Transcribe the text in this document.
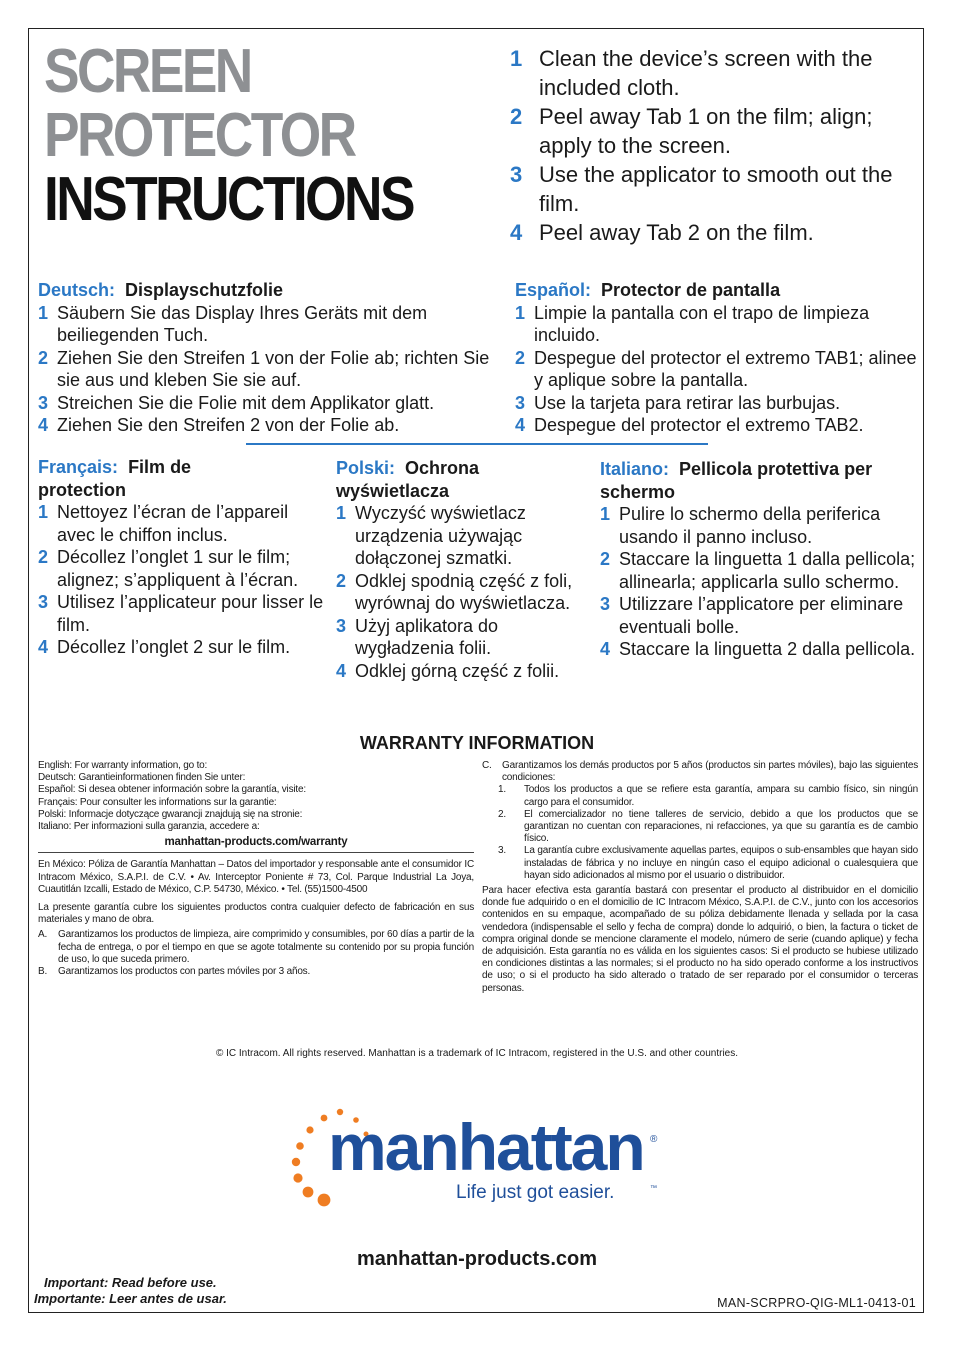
SCREEN
PROTECTOR
INSTRUCTIONS
1 Clean the device’s screen with the included cloth.
2 Peel away Tab 1 on the film; align; apply to the screen.
3 Use the applicator to smooth out the film.
4 Peel away Tab 2 on the film.
Deutsch: Displayschutzfolie
1 Säubern Sie das Display Ihres Geräts mit dem beiliegenden Tuch.
2 Ziehen Sie den Streifen 1 von der Folie ab; richten Sie sie aus und kleben Sie sie auf.
3 Streichen Sie die Folie mit dem Applikator glatt.
4 Ziehen Sie den Streifen 2 von der Folie ab.
Español: Protector de pantalla
1 Limpie la pantalla con el trapo de limpieza incluido.
2 Despegue del protector el extremo TAB1; alinee y aplique sobre la pantalla.
3 Use la tarjeta para retirar las burbujas.
4 Despegue del protector el extremo TAB2.
Français: Film de protection
1 Nettoyez l’écran de l’appareil avec le chiffon inclus.
2 Décollez l’onglet 1 sur le film; alignez; s’appliquent à l’écran.
3 Utilisez l’applicateur pour lisser le film.
4 Décollez l’onglet 2 sur le film.
Polski: Ochrona wyświetlacza
1 Wyczyść wyświetlacz urządzenia używając dołączonej szmatki.
2 Odklej spodnią część z foli, wyrównaj do wyświetlacza.
3 Użyj aplikatora do wygładzenia folii.
4 Odklej górną część z folii.
Italiano: Pellicola protettiva per schermo
1 Pulire lo schermo della periferica usando il panno incluso.
2 Staccare la linguetta 1 dalla pellicola; allinearla; applicarla sullo schermo.
3 Utilizzare l’applicatore per eliminare eventuali bolle.
4 Staccare la linguetta 2 dalla pellicola.
WARRANTY INFORMATION
English: For warranty information, go to:
Deutsch: Garantieinformationen finden Sie unter:
Español: Si desea obtener información sobre la garantía, visite:
Français: Pour consulter les informations sur la garantie:
Polski: Informacje dotyczące gwarancji znajdują się na stronie:
Italiano: Per informazioni sulla garanzia, accedere a:
manhattan-products.com/warranty
En México: Póliza de Garantía Manhattan – Datos del importador y responsable ante el consumidor IC Intracom México, S.A.P.I. de C.V. • Av. Interceptor Poniente # 73, Col. Parque Industrial La Joya, Cuautitlán Izcalli, Estado de México, C.P. 54730, México. • Tel. (55)1500-4500
La presente garantía cubre los siguientes productos contra cualquier defecto de fabricación en sus materiales y mano de obra.
A.	Garantizamos los productos de limpieza, aire comprimido y consumibles, por 60 días a partir de la fecha de entrega, o por el tiempo en que se agote totalmente su contenido por su propia función de uso, lo que suceda primero.
B.	Garantizamos los productos con partes móviles por 3 años.
C.	Garantizamos los demás productos por 5 años (productos sin partes móviles), bajo las siguientes condiciones:
1.	Todos los productos a que se refiere esta garantía, ampara su cambio físico, sin ningún cargo para el consumidor.
2.	El comercializador no tiene talleres de servicio, debido a que los productos que se garantizan no cuentan con reparaciones, ni refacciones, ya que su garantía es de cambio físico.
3.	La garantía cubre exclusivamente aquellas partes, equipos o sub-ensambles que hayan sido instaladas de fábrica y no incluye en ningún caso el equipo adicional o cualesquiera que hayan sido adicionados al mismo por el usuario o distribuidor.
Para hacer efectiva esta garantía bastará con presentar el producto al distribuidor en el domicilio donde fue adquirido o en el domicilio de IC Intracom México, S.A.P.I. de C.V., junto con los accesorios contenidos en su empaque, acompañado de su póliza debidamente llenada y sellada por la casa vendedora (indispensable el sello y fecha de compra) donde lo adquirió, o bien, la factura o ticket de compra original donde se mencione claramente el modelo, número de serie (cuando aplique) y fecha de adquisición. Esta garantía no es válida en los siguientes casos: Si el producto se hubiese utilizado en condiciones distintas a las normales; si el producto no ha sido operado conforme a los instructivos de uso; o si el producto ha sido alterado o tratado de ser reparado por el consumidor o terceras personas.
© IC Intracom. All rights reserved. Manhattan is a trademark of IC Intracom, registered in the U.S. and other countries.
manhattan ®
Life just got easier.	™
manhattan-products.com
Important: Read before use.
Importante: Leer antes de usar.	MAN-SCRPRO-QIG-ML1-0413-01
